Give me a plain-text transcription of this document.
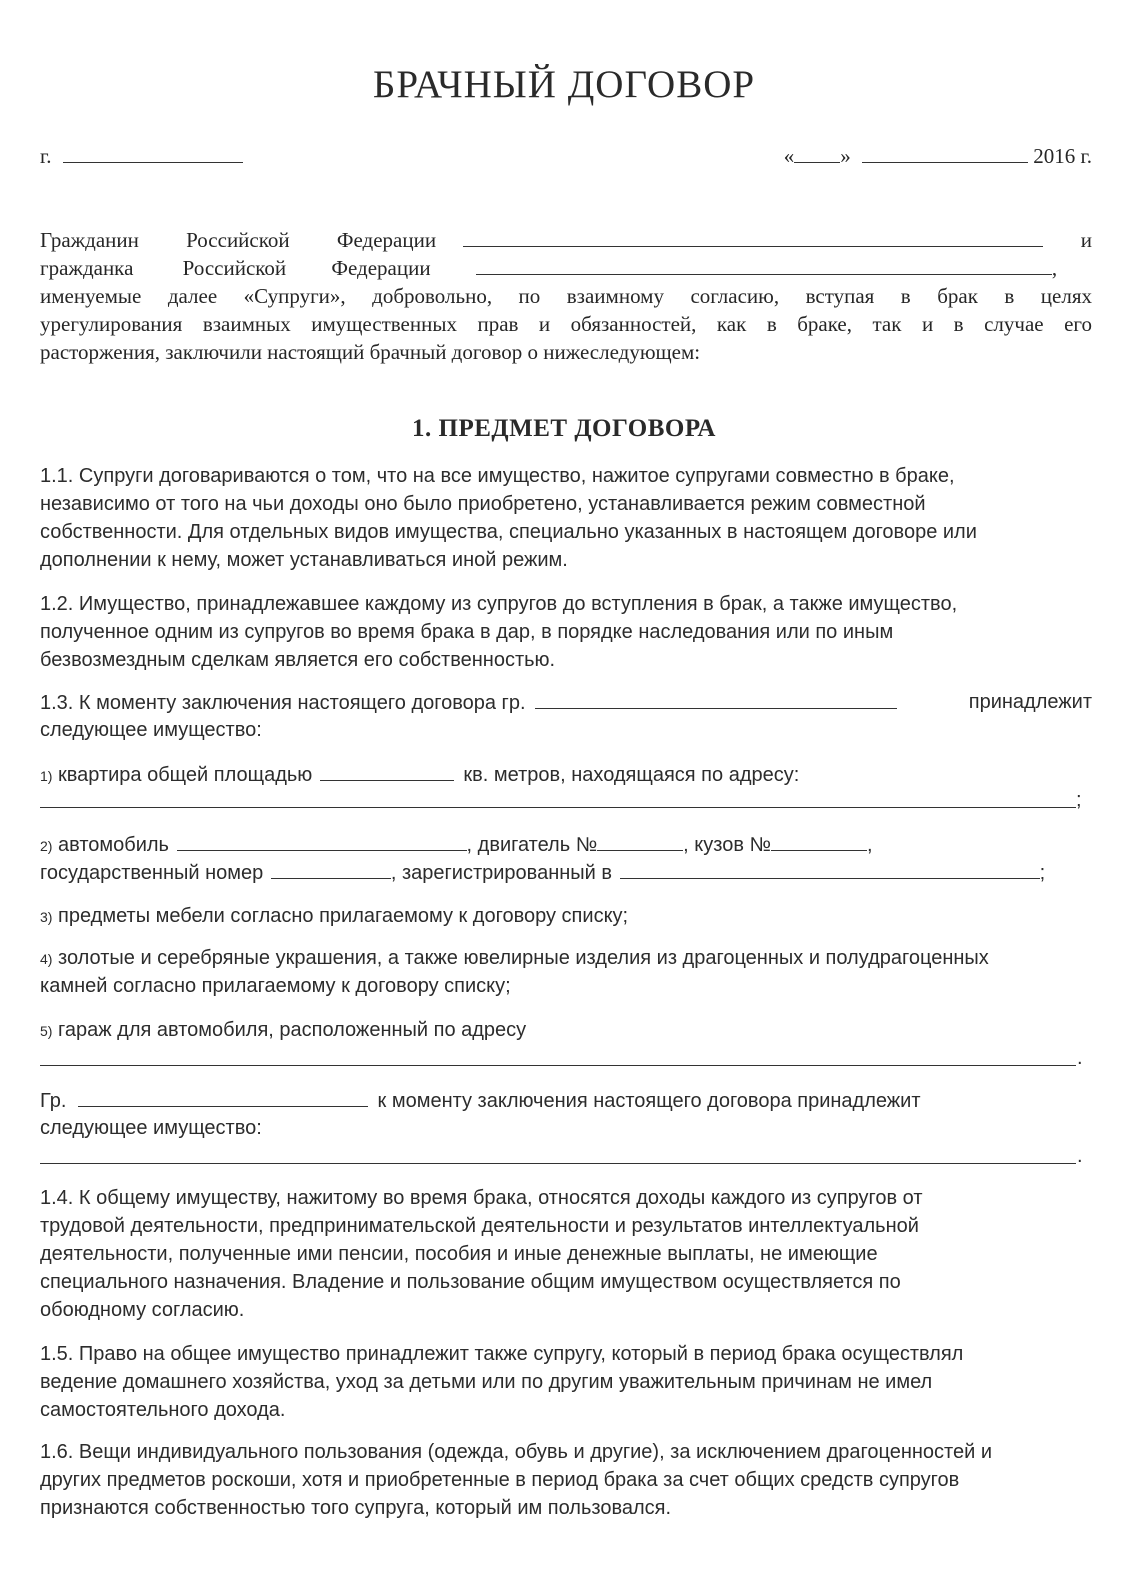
БРАЧНЫЙ ДОГОВОР
г.	« »	2016 г.
Гражданин Российской Федерации	и
гражданка Российской Федерации	,
именуемые далее «Супруги», добровольно, по взаимному согласию, вступая в брак в целях
урегулирования взаимных имущественных прав и обязанностей, как в браке, так и в случае его
расторжения, заключили настоящий брачный договор о нижеследующем:
1. ПРЕДМЕТ ДОГОВОРА
1.1. Супруги договариваются о том, что на все имущество, нажитое супругами совместно в браке,
независимо от того на чьи доходы оно было приобретено, устанавливается режим совместной
собственности. Для отдельных видов имущества, специально указанных в настоящем договоре или
дополнении к нему, может устанавливаться иной режим.
1.2. Имущество, принадлежавшее каждому из супругов до вступления в брак, а также имущество,
полученное одним из супругов во время брака в дар, в порядке наследования или по иным
безвозмездным сделкам является его собственностью.
1.3. К моменту заключения настоящего договора гр.	принадлежит
следующее имущество:
1) квартира общей площадью	кв. метров, находящаяся по адресу:
;
2) автомобиль	, двигатель №	, кузов №	,
государственный номер	, зарегистрированный в	;
3) предметы мебели согласно прилагаемому к договору списку;
4) золотые и серебряные украшения, а также ювелирные изделия из драгоценных и полудрагоценных
камней согласно прилагаемому к договору списку;
5) гараж для автомобиля, расположенный по адресу
.
Гр.	к моменту заключения настоящего договора принадлежит
следующее имущество:
.
1.4. К общему имуществу, нажитому во время брака, относятся доходы каждого из супругов от
трудовой деятельности, предпринимательской деятельности и результатов интеллектуальной
деятельности, полученные ими пенсии, пособия и иные денежные выплаты, не имеющие
специального назначения. Владение и пользование общим имуществом осуществляется по
обоюдному согласию.
1.5. Право на общее имущество принадлежит также супругу, который в период брака осуществлял
ведение домашнего хозяйства, уход за детьми или по другим уважительным причинам не имел
самостоятельного дохода.
1.6. Вещи индивидуального пользования (одежда, обувь и другие), за исключением драгоценностей и
других предметов роскоши, хотя и приобретенные в период брака за счет общих средств супругов
признаются собственностью того супруга, который им пользовался.
